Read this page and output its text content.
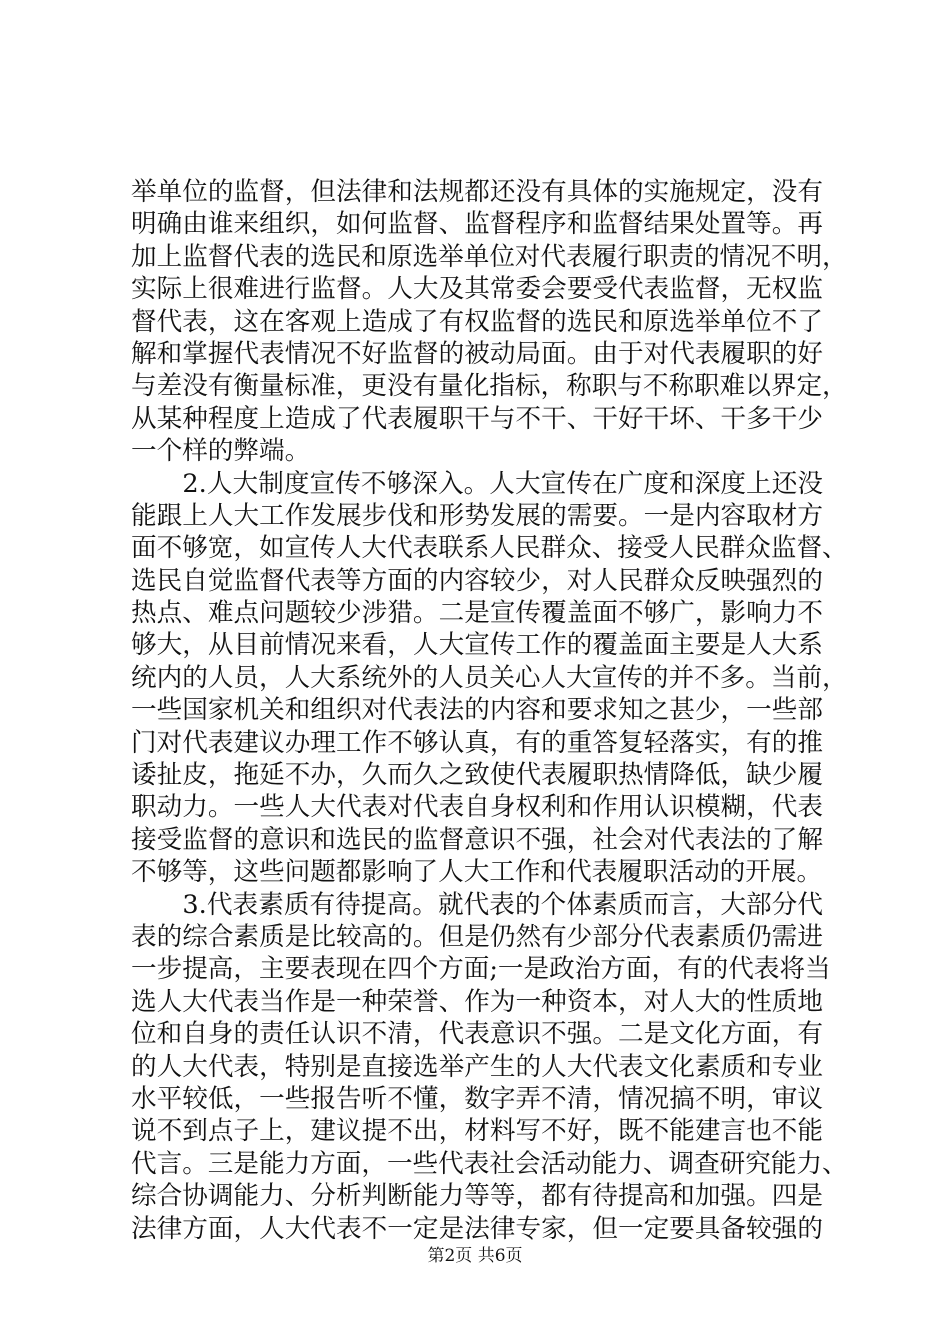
举单位的监督，但法律和法规都还没有具体的实施规定，没有
明确由谁来组织，如何监督、监督程序和监督结果处置等。再
加上监督代表的选民和原选举单位对代表履行职责的情况不明，
实际上很难进行监督。人大及其常委会要受代表监督，无权监
督代表，这在客观上造成了有权监督的选民和原选举单位不了
解和掌握代表情况不好监督的被动局面。由于对代表履职的好
与差没有衡量标准，更没有量化指标，称职与不称职难以界定，
从某种程度上造成了代表履职干与不干、干好干坏、干多干少
一个样的弊端。
　　2.人大制度宣传不够深入。人大宣传在广度和深度上还没
能跟上人大工作发展步伐和形势发展的需要。一是内容取材方
面不够宽，如宣传人大代表联系人民群众、接受人民群众监督、
选民自觉监督代表等方面的内容较少，对人民群众反映强烈的
热点、难点问题较少涉猎。二是宣传覆盖面不够广，影响力不
够大，从目前情况来看，人大宣传工作的覆盖面主要是人大系
统内的人员，人大系统外的人员关心人大宣传的并不多。当前，
一些国家机关和组织对代表法的内容和要求知之甚少，一些部
门对代表建议办理工作不够认真，有的重答复轻落实，有的推
诿扯皮，拖延不办，久而久之致使代表履职热情降低，缺少履
职动力。一些人大代表对代表自身权利和作用认识模糊，代表
接受监督的意识和选民的监督意识不强，社会对代表法的了解
不够等，这些问题都影响了人大工作和代表履职活动的开展。
　　3.代表素质有待提高。就代表的个体素质而言，大部分代
表的综合素质是比较高的。但是仍然有少部分代表素质仍需进
一步提高，主要表现在四个方面;一是政治方面，有的代表将当
选人大代表当作是一种荣誉、作为一种资本，对人大的性质地
位和自身的责任认识不清，代表意识不强。二是文化方面，有
的人大代表，特别是直接选举产生的人大代表文化素质和专业
水平较低，一些报告听不懂，数字弄不清，情况搞不明，审议
说不到点子上，建议提不出，材料写不好，既不能建言也不能
代言。三是能力方面，一些代表社会活动能力、调查研究能力、
综合协调能力、分析判断能力等等，都有待提高和加强。四是
法律方面，人大代表不一定是法律专家，但一定要具备较强的
第2页 共6页
